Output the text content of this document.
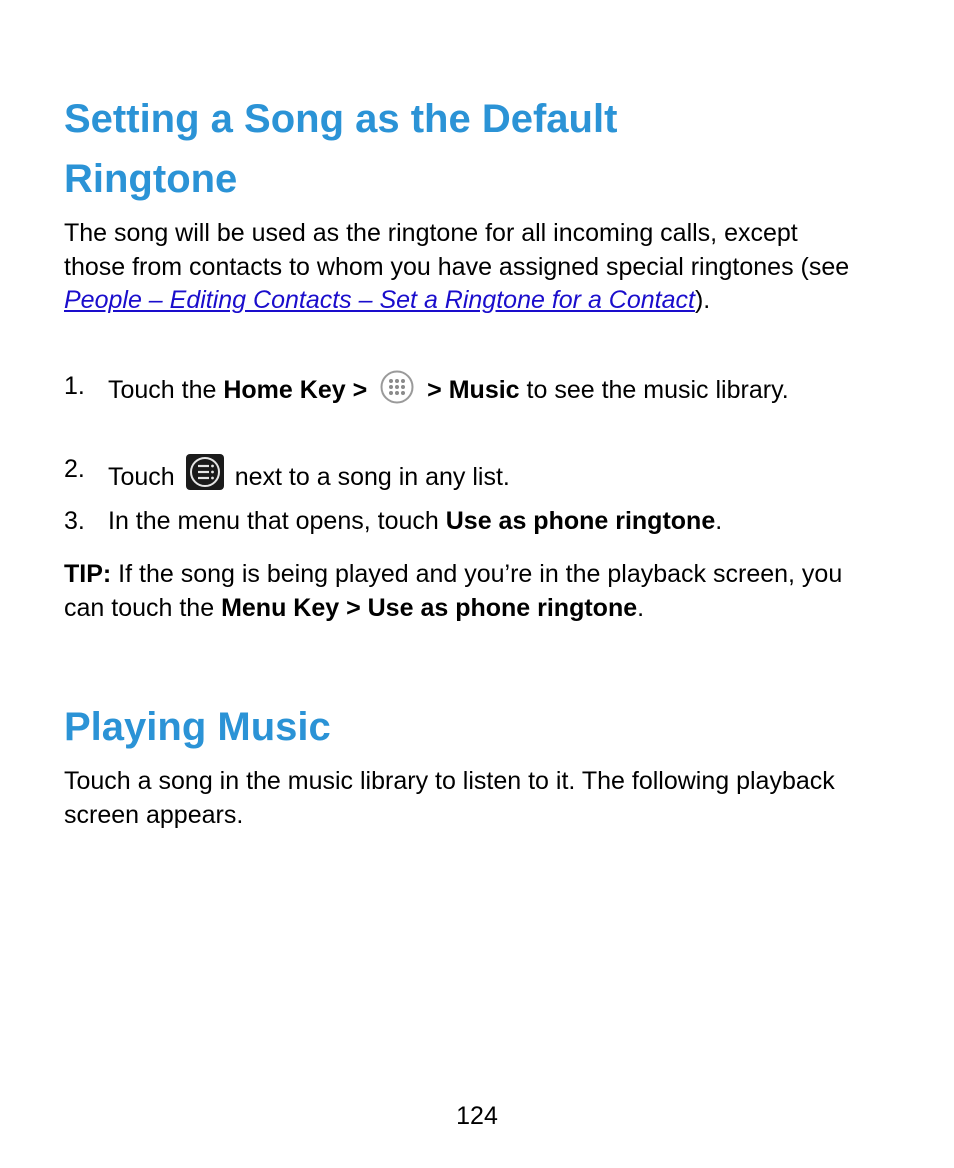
Setting a Song as the Default
Ringtone

The song will be used as the ringtone for all incoming calls, except those from contacts to whom you have assigned special ringtones (see People – Editing Contacts – Set a Ringtone for a Contact).

1. Touch the Home Key > > Music to see the music library.
2. Touch next to a song in any list.
3. In the menu that opens, touch Use as phone ringtone.

TIP: If the song is being played and you’re in the playback screen, you can touch the Menu Key > Use as phone ringtone.

Playing Music

Touch a song in the music library to listen to it. The following playback screen appears.

124
